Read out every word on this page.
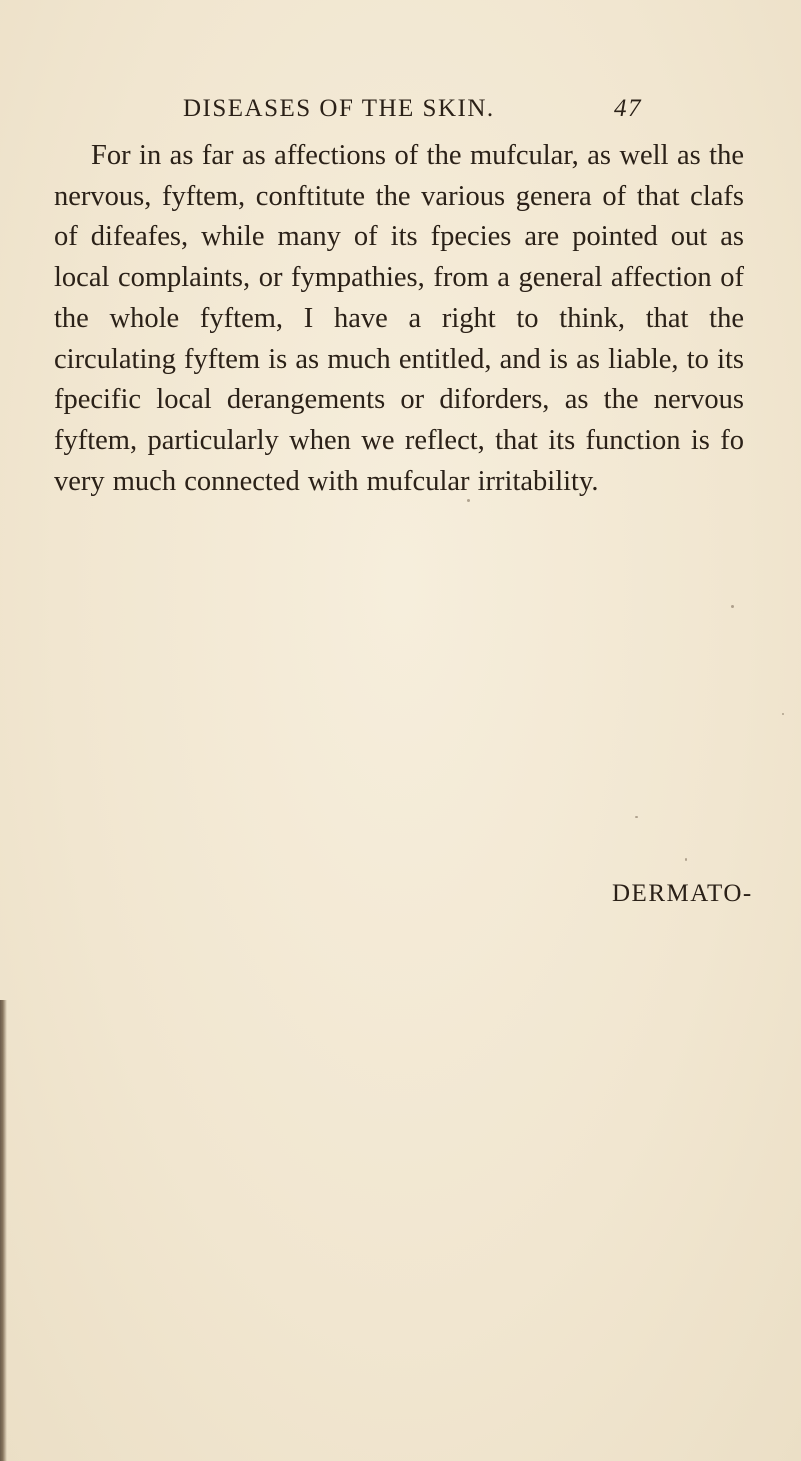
DISEASES OF THE SKIN.	47

For in as far as affections of the mufcular, as well as the nervous, fyftem, conftitute the various genera of that clafs of difeafes, while many of its fpecies are pointed out as local complaints, or fympathies, from a general affection of the whole fyftem, I have a right to think, that the circulating fyftem is as much entitled, and is as liable, to its fpecific local derangements or diforders, as the nervous fyftem, particularly when we reflect, that its function is fo very much connected with mufcular irritability.

DERMATO-
